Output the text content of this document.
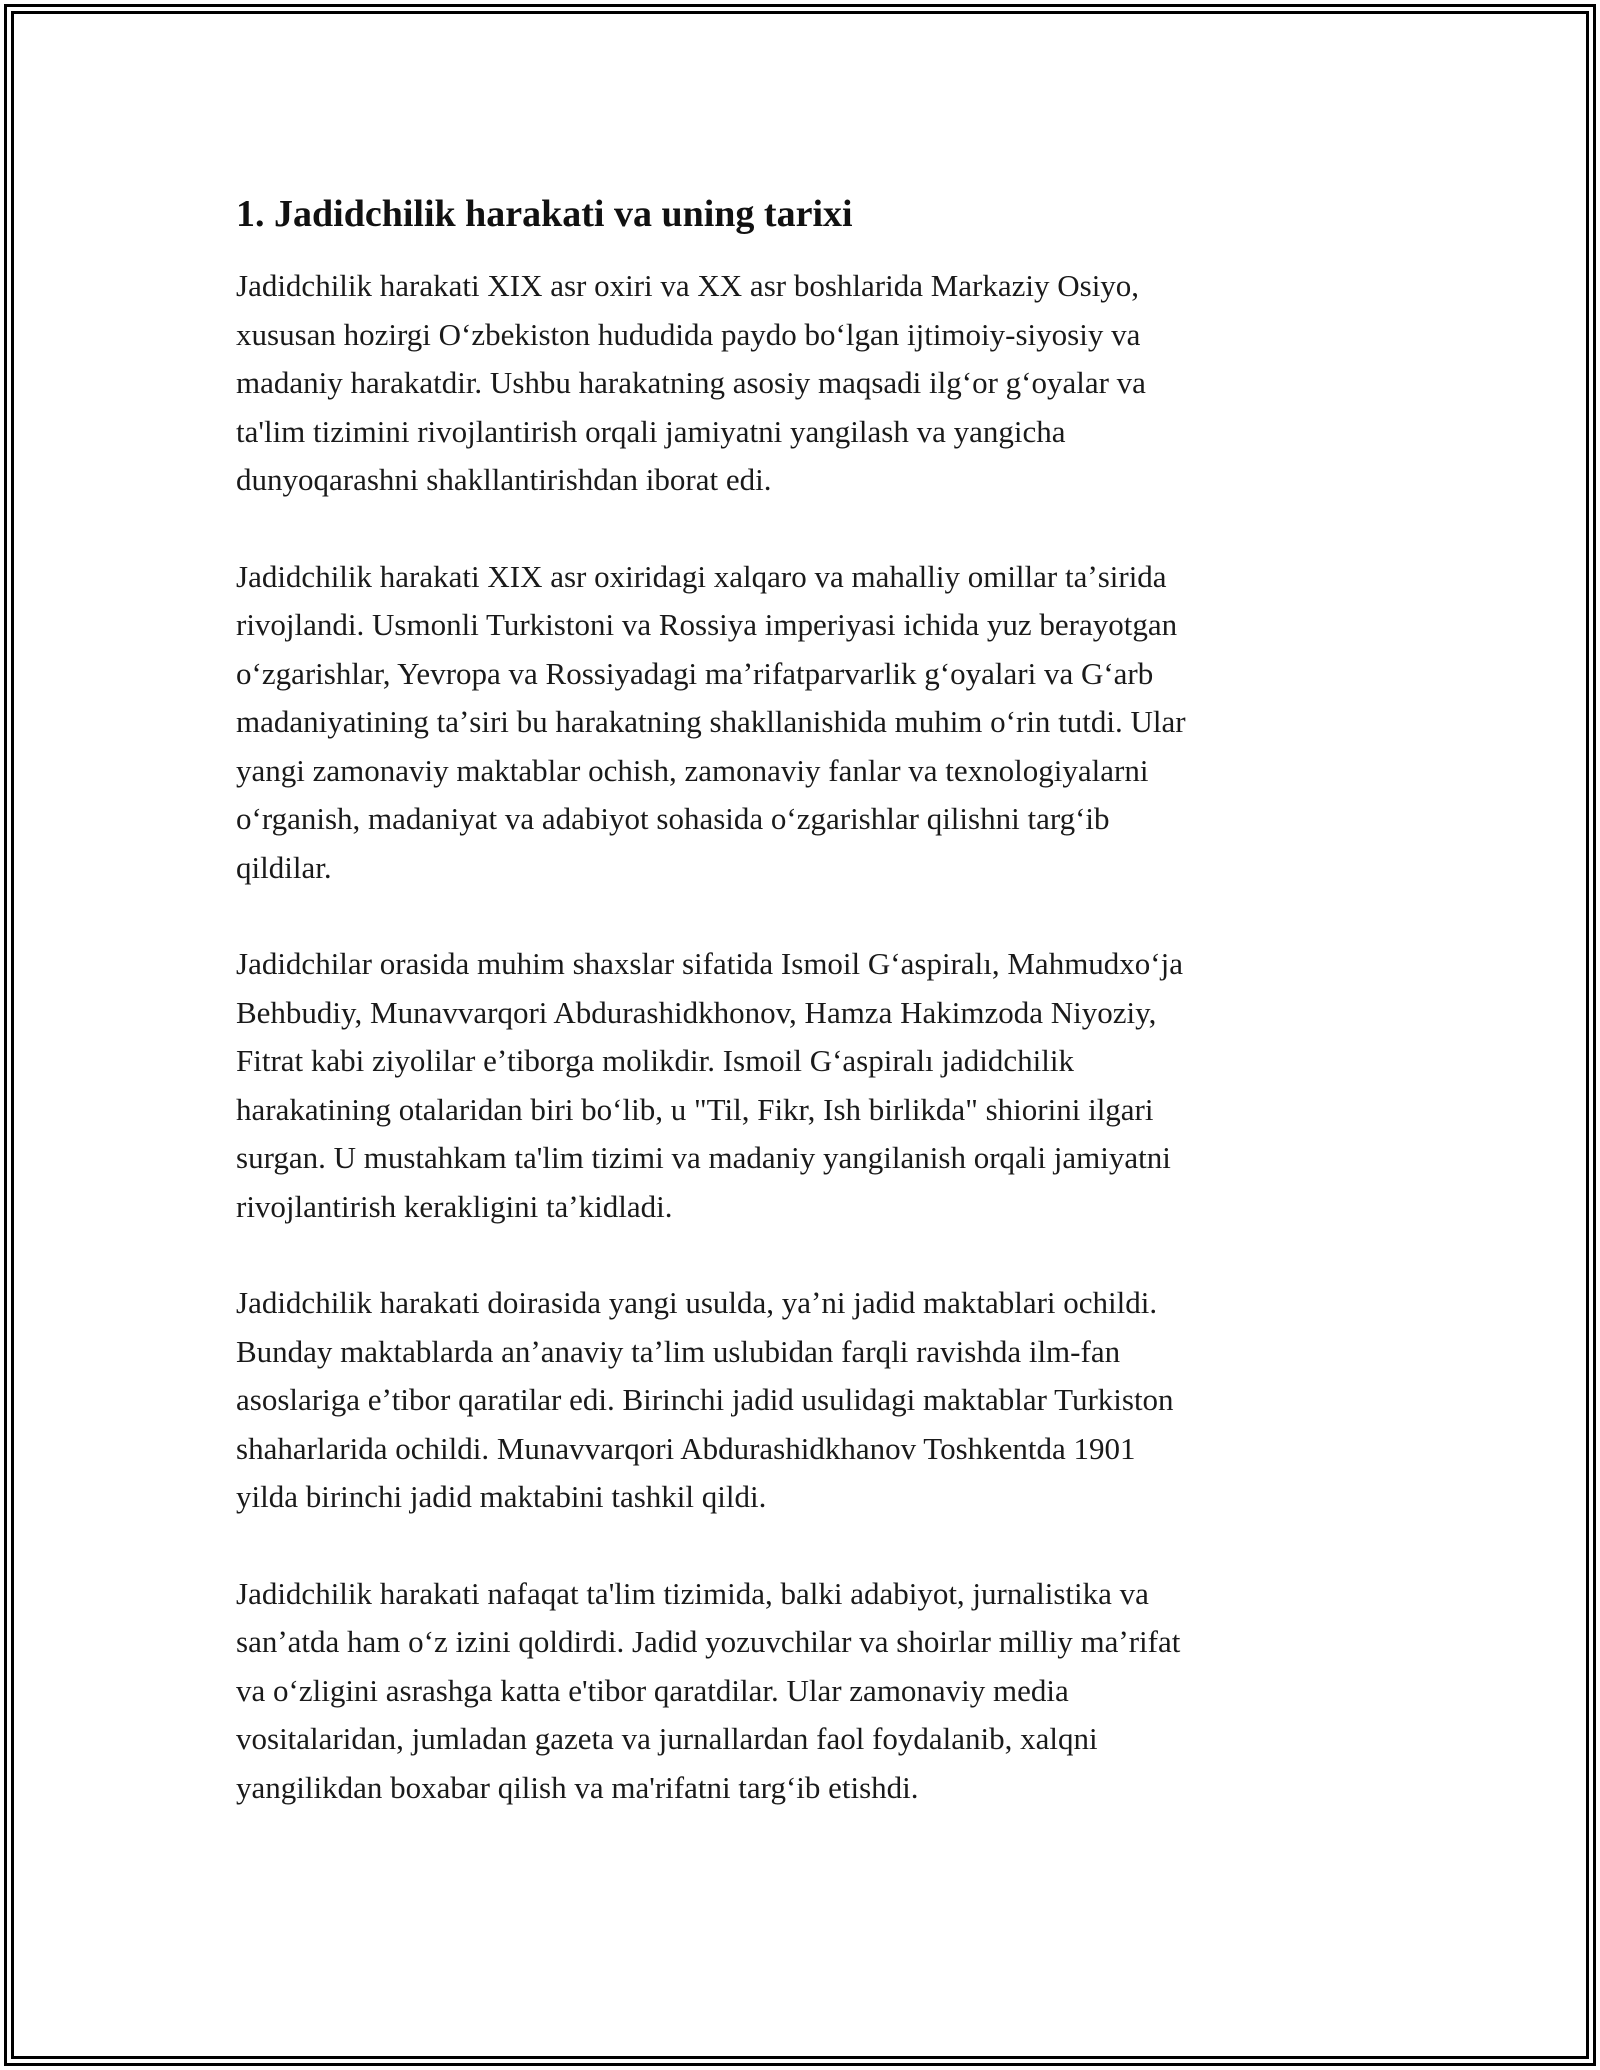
1. Jadidchilik harakati va uning tarixi

Jadidchilik harakati XIX asr oxiri va XX asr boshlarida Markaziy Osiyo,
xususan hozirgi Oʻzbekiston hududida paydo boʻlgan ijtimoiy-siyosiy va
madaniy harakatdir. Ushbu harakatning asosiy maqsadi ilgʻor gʻoyalar va
ta'lim tizimini rivojlantirish orqali jamiyatni yangilash va yangicha
dunyoqarashni shakllantirishdan iborat edi.

Jadidchilik harakati XIX asr oxiridagi xalqaro va mahalliy omillar taʼsirida
rivojlandi. Usmonli Turkistoni va Rossiya imperiyasi ichida yuz berayotgan
oʻzgarishlar, Yevropa va Rossiyadagi maʼrifatparvarlik gʻoyalari va Gʻarb
madaniyatining taʼsiri bu harakatning shakllanishida muhim oʻrin tutdi. Ular
yangi zamonaviy maktablar ochish, zamonaviy fanlar va texnologiyalarni
oʻrganish, madaniyat va adabiyot sohasida oʻzgarishlar qilishni targʻib
qildilar.

Jadidchilar orasida muhim shaxslar sifatida Ismoil Gʻaspiralı, Mahmudxoʻja
Behbudiy, Munavvarqori Abdurashidkhonov, Hamza Hakimzoda Niyoziy,
Fitrat kabi ziyolilar eʼtiborga molikdir. Ismoil Gʻaspiralı jadidchilik
harakatining otalaridan biri boʻlib, u "Til, Fikr, Ish birlikda" shiorini ilgari
surgan. U mustahkam ta'lim tizimi va madaniy yangilanish orqali jamiyatni
rivojlantirish kerakligini taʼkidladi.

Jadidchilik harakati doirasida yangi usulda, yaʼni jadid maktablari ochildi.
Bunday maktablarda anʼanaviy taʼlim uslubidan farqli ravishda ilm-fan
asoslariga eʼtibor qaratilar edi. Birinchi jadid usulidagi maktablar Turkiston
shaharlarida ochildi. Munavvarqori Abdurashidkhanov Toshkentda 1901
yilda birinchi jadid maktabini tashkil qildi.

Jadidchilik harakati nafaqat ta'lim tizimida, balki adabiyot, jurnalistika va
sanʼatda ham oʻz izini qoldirdi. Jadid yozuvchilar va shoirlar milliy maʼrifat
va oʻzligini asrashga katta e'tibor qaratdilar. Ular zamonaviy media
vositalaridan, jumladan gazeta va jurnallardan faol foydalanib, xalqni
yangilikdan boxabar qilish va ma'rifatni targʻib etishdi.
